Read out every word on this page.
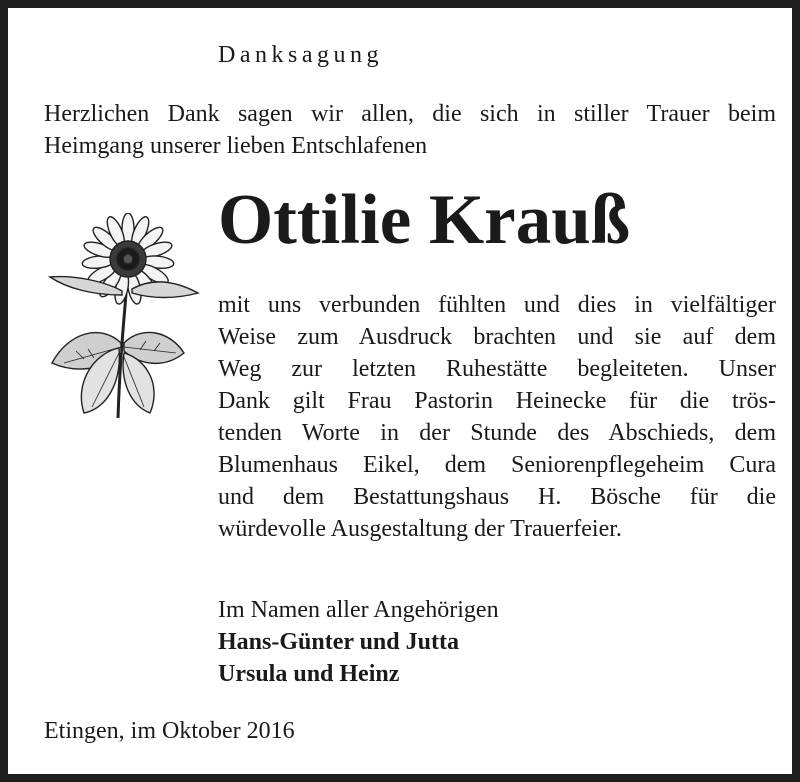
Danksagung
Herzlichen Dank sagen wir allen, die sich in stiller Trauer beim
Heimgang unserer lieben Entschlafenen
Ottilie Krauß
mit uns verbunden fühlten und dies in vielfältiger
Weise zum Ausdruck brachten und sie auf dem
Weg zur letzten Ruhestätte begleiteten. Unser
Dank gilt Frau Pastorin Heinecke für die trös-
tenden Worte in der Stunde des Abschieds, dem
Blumenhaus Eikel, dem Seniorenpflegeheim Cura
und dem Bestattungshaus H. Bösche für die
würdevolle Ausgestaltung der Trauerfeier.
Im Namen aller Angehörigen
Hans-Günter und Jutta
Ursula und Heinz
Etingen, im Oktober 2016
